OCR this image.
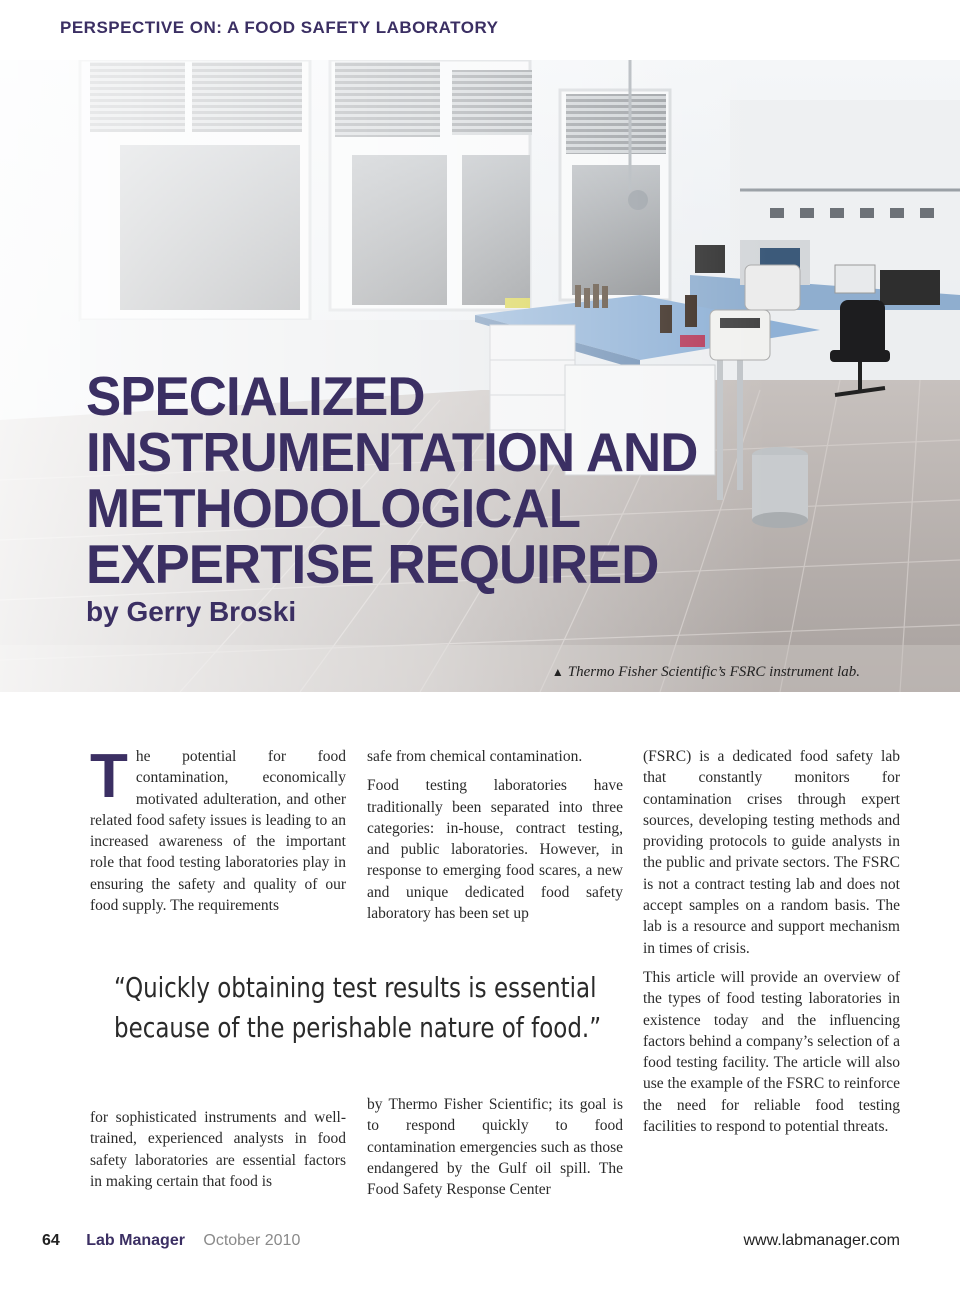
PERSPECTIVE ON: A FOOD SAFETY LABORATORY
SPECIALIZED
INSTRUMENTATION AND
METHODOLOGICAL
EXPERTISE REQUIRED

by Gerry Broski

▲ Thermo Fisher Scientific’s FSRC instrument lab.

The potential for food contamination, economically motivated adulteration, and other related food safety issues is leading to an increased awareness of the important role that food testing laboratories play in ensuring the safety and quality of our food supply. The requirements

safe from chemical contamination.

Food testing laboratories have traditionally been separated into three categories: in-house, contract testing, and public laboratories. However, in response to emerging food scares, a new and unique dedicated food safety laboratory has been set up

(FSRC) is a dedicated food safety lab that constantly monitors for contamination crises through expert sources, developing testing methods and providing protocols to guide analysts in the public and private sectors. The FSRC is not a contract testing lab and does not accept samples on a random basis. The lab is a resource and support mechanism in times of crisis.

This article will provide an overview of the types of food testing laboratories in existence today and the influencing factors behind a company’s selection of a food testing facility. The article will also use the example of the FSRC to reinforce the need for reliable food testing facilities to respond to potential threats.

“Quickly obtaining test results is essential
because of the perishable nature of food.”

for sophisticated instruments and well-trained, experienced analysts in food safety laboratories are essential factors in making certain that food is

by Thermo Fisher Scientific; its goal is to respond quickly to food contamination emergencies such as those endangered by the Gulf oil spill. The Food Safety Response Center

64 Lab Manager October 2010	www.labmanager.com
